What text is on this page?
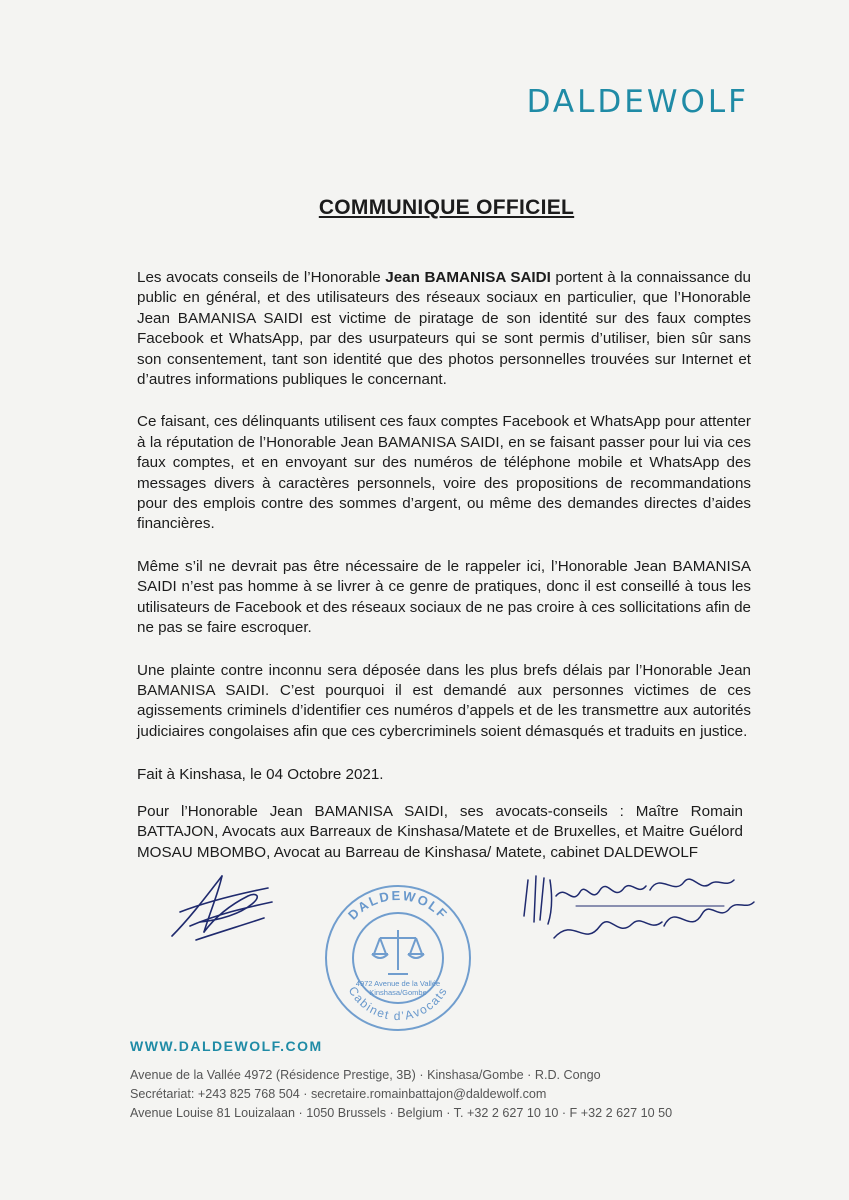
DALDEWOLF
COMMUNIQUE OFFICIEL

Les avocats conseils de l’Honorable Jean BAMANISA SAIDI portent à la connaissance du public en général, et des utilisateurs des réseaux sociaux en particulier, que l’Honorable Jean BAMANISA SAIDI est victime de piratage de son identité sur des faux comptes Facebook et WhatsApp, par des usurpateurs qui se sont permis d’utiliser, bien sûr sans son consentement, tant son identité que des photos personnelles trouvées sur Internet et d’autres informations publiques le concernant.

Ce faisant, ces délinquants utilisent ces faux comptes Facebook et WhatsApp pour attenter à la réputation de l’Honorable Jean BAMANISA SAIDI, en se faisant passer pour lui via ces faux comptes, et en envoyant sur des numéros de téléphone mobile et WhatsApp des messages divers à caractères personnels, voire des propositions de recommandations pour des emplois contre des sommes d’argent, ou même des demandes directes d’aides financières.

Même s’il ne devrait pas être nécessaire de le rappeler ici, l’Honorable Jean BAMANISA SAIDI n’est pas homme à se livrer à ce genre de pratiques, donc il est conseillé à tous les utilisateurs de Facebook et des réseaux sociaux de ne pas croire à ces sollicitations afin de ne pas se faire escroquer.

Une plainte contre inconnu sera déposée dans les plus brefs délais par l’Honorable Jean BAMANISA SAIDI. C’est pourquoi il est demandé aux personnes victimes de ces agissements criminels d’identifier ces numéros d’appels et de les transmettre aux autorités judiciaires congolaises afin que ces cybercriminels soient démasqués et traduits en justice.

Fait à Kinshasa, le 04 Octobre 2021.
Pour l’Honorable Jean BAMANISA SAIDI, ses avocats-conseils : Maître Romain BATTAJON, Avocats aux Barreaux de Kinshasa/Matete et de Bruxelles, et Maitre Guélord MOSAU MBOMBO, Avocat au Barreau de Kinshasa/ Matete, cabinet DALDEWOLF
DALDEWOLF
Cabinet d’Avocats
4972 Avenue de la Vallée
Kinshasa/Gombe
WWW.DALDEWOLF.COM
Avenue de la Vallée 4972 (Résidence Prestige, 3B) · Kinshasa/Gombe · R.D. Congo
Secrétariat: +243 825 768 504 · secretaire.romainbattajon@daldewolf.com
Avenue Louise 81 Louizalaan · 1050 Brussels · Belgium · T. +32 2 627 10 10 · F +32 2 627 10 50
